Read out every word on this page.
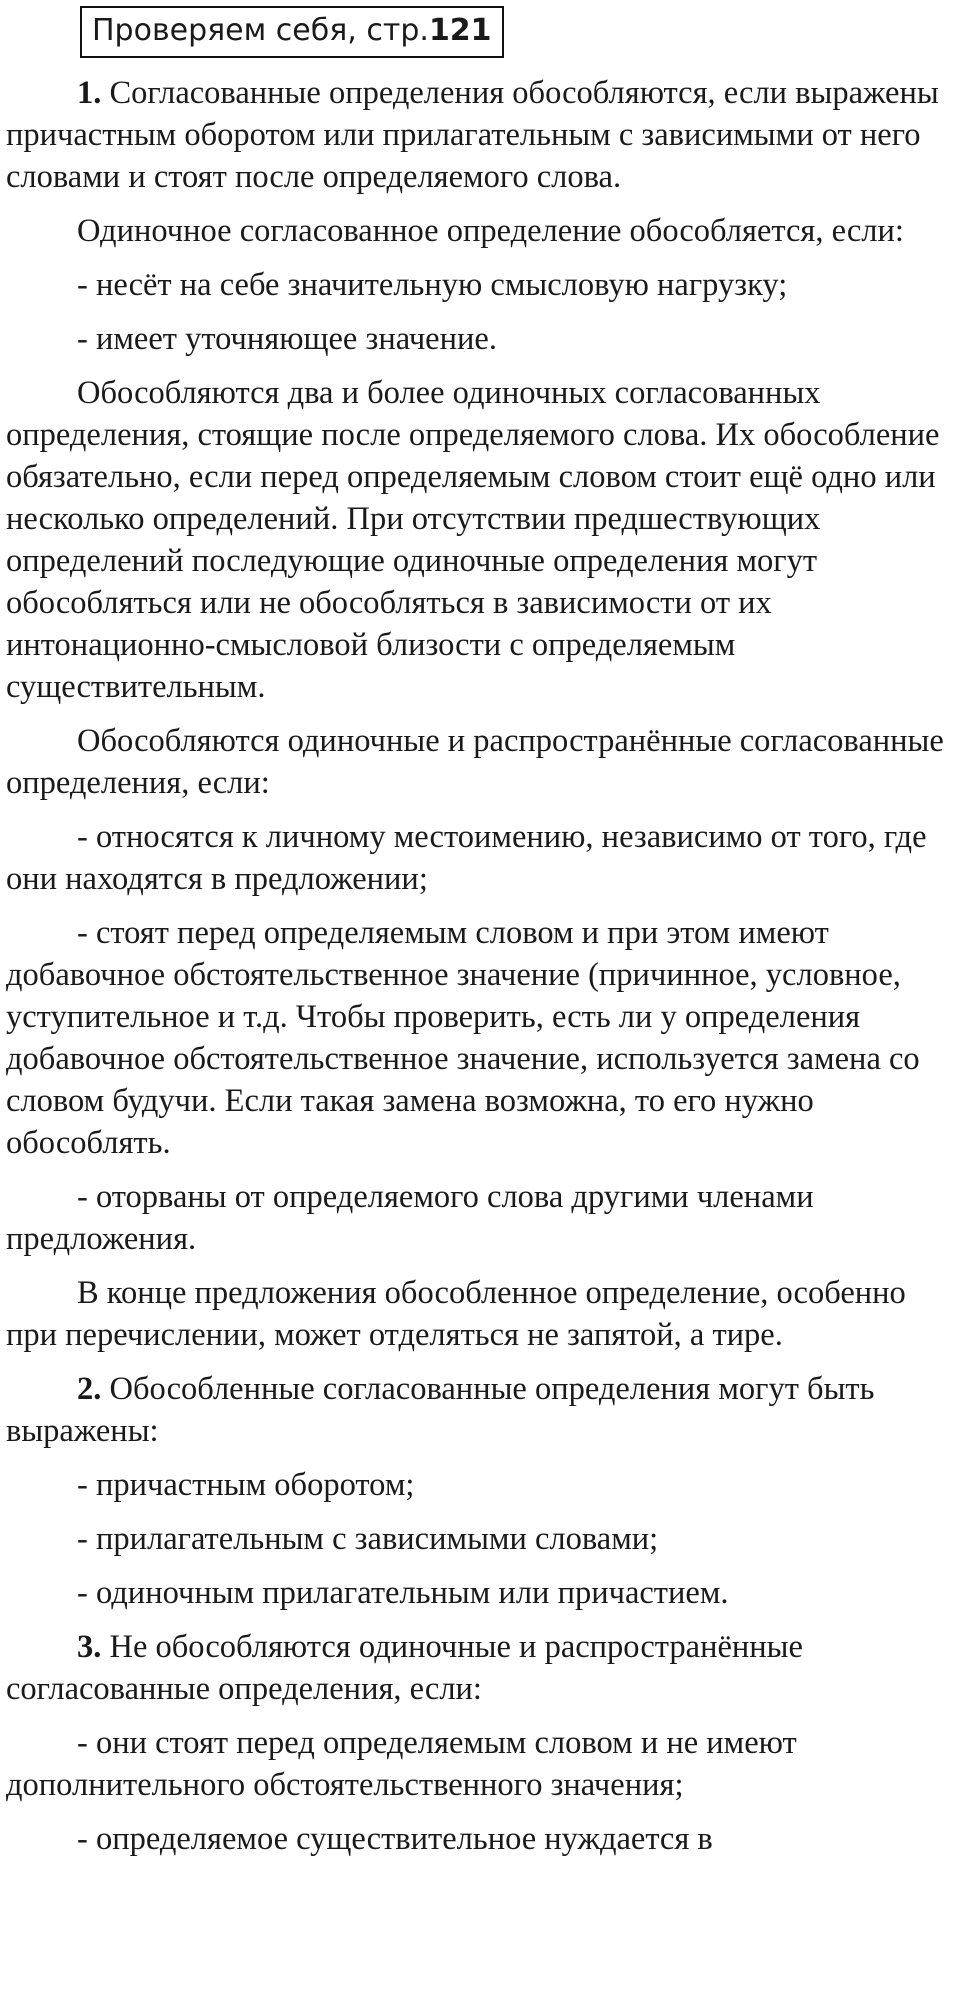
Проверяем себя, стр.121

1. Согласованные определения обособляются, если выражены причастным оборотом или прилагательным с зависимыми от него словами и стоят после определяемого слова.

Одиночное согласованное определение обособляется, если:

- несёт на себе значительную смысловую нагрузку;

- имеет уточняющее значение.

Обособляются два и более одиночных согласованных определения, стоящие после определяемого слова. Их обособление обязательно, если перед определяемым словом стоит ещё одно или несколько определений. При отсутствии предшествующих определений последующие одиночные определения могут обособляться или не обособляться в зависимости от их интонационно-смысловой близости с определяемым существительным.

Обособляются одиночные и распространённые согласованные определения, если:

- относятся к личному местоимению, независимо от того, где они находятся в предложении;

- стоят перед определяемым словом и при этом имеют добавочное обстоятельственное значение (причинное, условное, уступительное и т.д. Чтобы проверить, есть ли у определения добавочное обстоятельственное значение, используется замена со словом будучи. Если такая замена возможна, то его нужно обособлять.

- оторваны от определяемого слова другими членами предложения.

В конце предложения обособленное определение, особенно при перечислении, может отделяться не запятой, а тире.

2. Обособленные согласованные определения могут быть выражены:

- причастным оборотом;

- прилагательным с зависимыми словами;

- одиночным прилагательным или причастием.

3. Не обособляются одиночные и распространённые согласованные определения, если:

- они стоят перед определяемым словом и не имеют дополнительного обстоятельственного значения;

- определяемое существительное нуждается в
